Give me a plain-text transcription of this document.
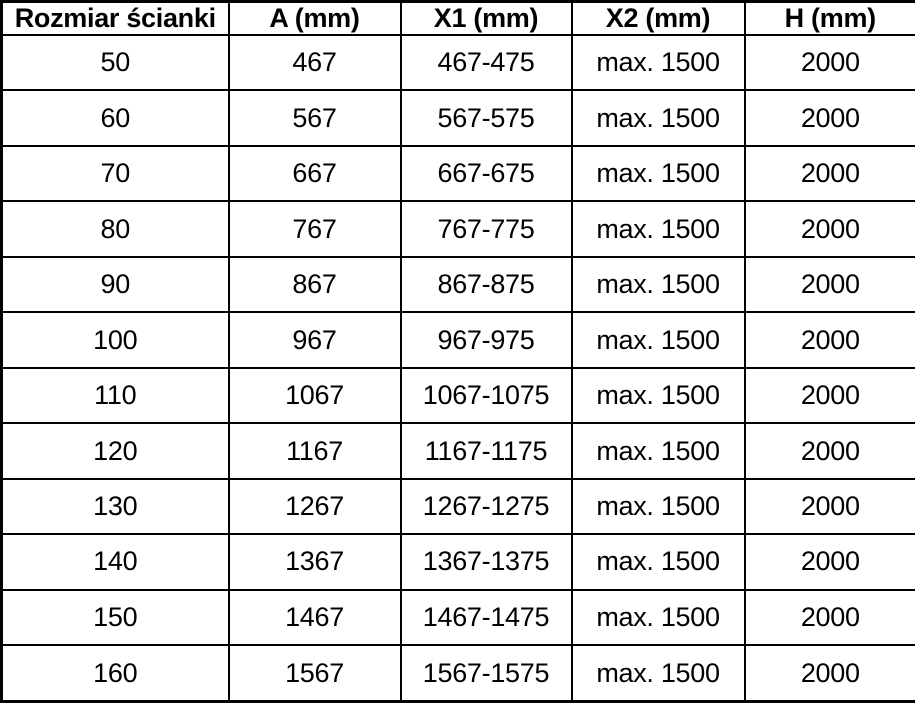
Rozmiar ścianki	A (mm)	X1 (mm)	X2 (mm)	H (mm)
50	467	467-475	max. 1500	2000
60	567	567-575	max. 1500	2000
70	667	667-675	max. 1500	2000
80	767	767-775	max. 1500	2000
90	867	867-875	max. 1500	2000
100	967	967-975	max. 1500	2000
110	1067	1067-1075	max. 1500	2000
120	1167	1167-1175	max. 1500	2000
130	1267	1267-1275	max. 1500	2000
140	1367	1367-1375	max. 1500	2000
150	1467	1467-1475	max. 1500	2000
160	1567	1567-1575	max. 1500	2000
